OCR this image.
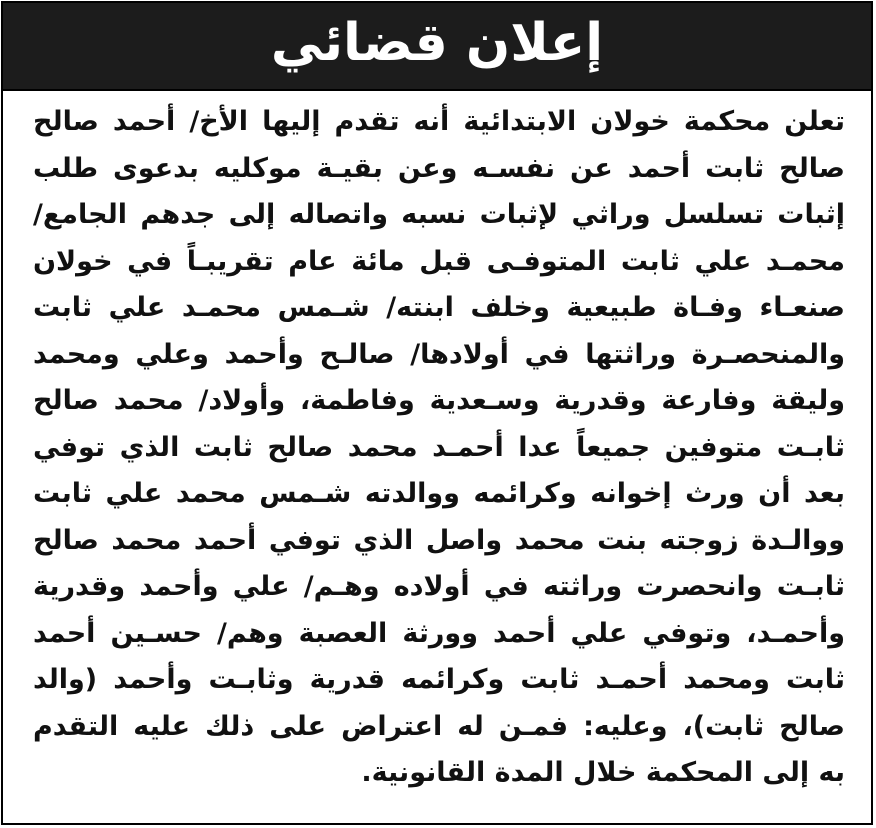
إعلان قضائي
تعلن محكمة خولان الابتدائية أنه تقدم إليها الأخ/ أحمد صالح
صالح ثابت أحمد عن نفسـه وعن بقيـة موكليه بدعوى طلب
إثبات تسلسل وراثي لإثبات نسبه واتصاله إلى جدهم الجامع/
محمـد علي ثابت المتوفـى قبل مائة عام تقريبـاً في خولان
صنعـاء وفـاة طبيعية وخلف ابنته/ شـمس محمـد علي ثابت
والمنحصـرة وراثتها في أولادها/ صالـح وأحمد وعلي ومحمد
وليقة وفارعة وقدرية وسـعدية وفاطمة، وأولاد/ محمد صالح
ثابـت متوفين جميعاً عدا أحمـد محمد صالح ثابت الذي توفي
بعد أن ورث إخوانه وكرائمه ووالدته شـمس محمد علي ثابت
ووالـدة زوجته بنت محمد واصل الذي توفي أحمد محمد صالح
ثابـت وانحصرت وراثته في أولاده وهـم/ علي وأحمد وقدرية
وأحمـد، وتوفي علي أحمد وورثة العصبة وهم/ حسـين أحمد
ثابت ومحمد أحمـد ثابت وكرائمه قدرية وثابـت وأحمد (والد
صالح ثابت)، وعليه: فمـن له اعتراض على ذلك عليه التقدم
به إلى المحكمة خلال المدة القانونية.
